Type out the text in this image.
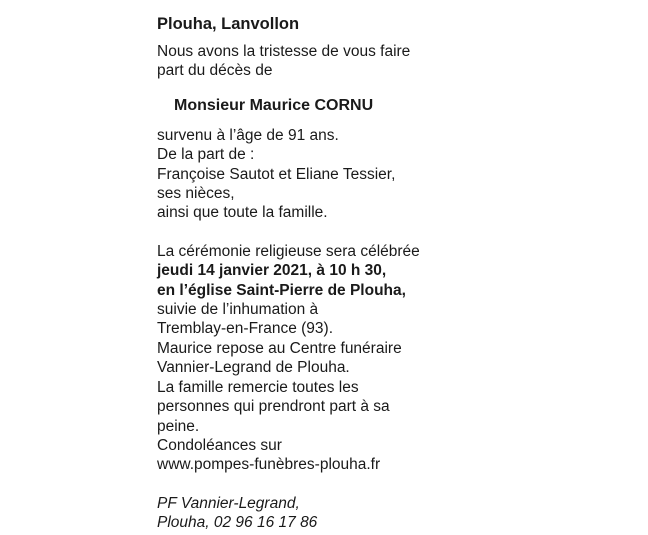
Plouha, Lanvollon

Nous avons la tristesse de vous faire
part du décès de

Monsieur Maurice CORNU

survenu à l’âge de 91 ans.
De la part de :
Françoise Sautot et Eliane Tessier,
ses nièces,
ainsi que toute la famille.

La cérémonie religieuse sera célébrée
jeudi 14 janvier 2021, à 10 h 30,
en l’église Saint-Pierre de Plouha,
suivie de l’inhumation à
Tremblay-en-France (93).
Maurice repose au Centre funéraire
Vannier-Legrand de Plouha.
La famille remercie toutes les
personnes qui prendront part à sa
peine.
Condoléances sur
www.pompes-funèbres-plouha.fr

PF Vannier-Legrand,
Plouha, 02 96 16 17 86
